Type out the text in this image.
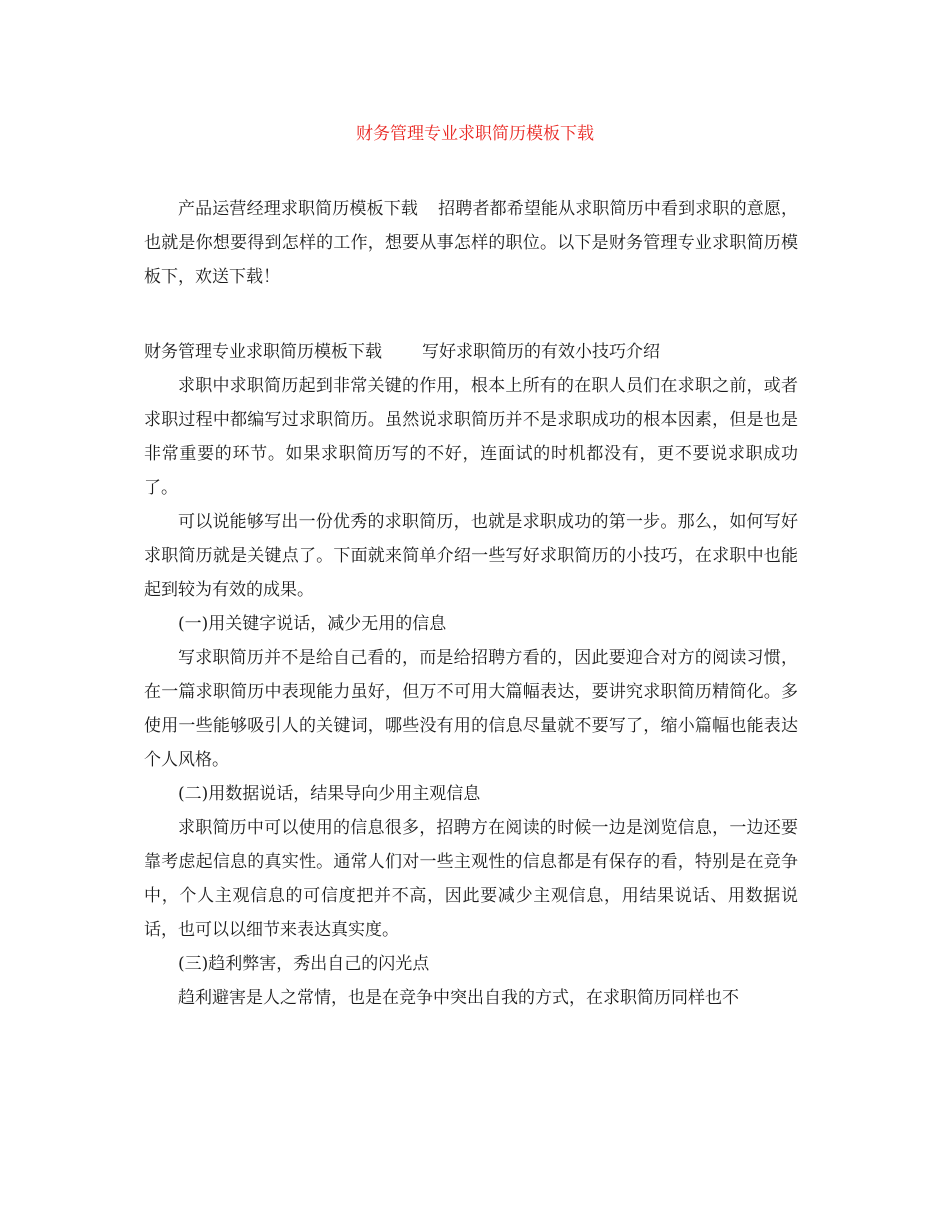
财务管理专业求职简历模板下载

产品运营经理求职简历模板下载 招聘者都希望能从求职简历中看到求职的意愿，也就是你想要得到怎样的工作，想要从事怎样的职位。以下是财务管理专业求职简历模板下，欢送下载！

财务管理专业求职简历模板下载 写好求职简历的有效小技巧介绍

求职中求职简历起到非常关键的作用，根本上所有的在职人员们在求职之前，或者求职过程中都编写过求职简历。虽然说求职简历并不是求职成功的根本因素，但是也是非常重要的环节。如果求职简历写的不好，连面试的时机都没有，更不要说求职成功了。

可以说能够写出一份优秀的求职简历，也就是求职成功的第一步。那么，如何写好求职简历就是关键点了。下面就来简单介绍一些写好求职简历的小技巧，在求职中也能起到较为有效的成果。

(一)用关键字说话，减少无用的信息

写求职简历并不是给自己看的，而是给招聘方看的，因此要迎合对方的阅读习惯，在一篇求职简历中表现能力虽好，但万不可用大篇幅表达，要讲究求职简历精简化。多使用一些能够吸引人的关键词，哪些没有用的信息尽量就不要写了，缩小篇幅也能表达个人风格。

(二)用数据说话，结果导向少用主观信息

求职简历中可以使用的信息很多，招聘方在阅读的时候一边是浏览信息，一边还要靠考虑起信息的真实性。通常人们对一些主观性的信息都是有保存的看，特别是在竞争中，个人主观信息的可信度把并不高，因此要减少主观信息，用结果说话、用数据说话，也可以以细节来表达真实度。

(三)趋利弊害，秀出自己的闪光点

趋利避害是人之常情，也是在竞争中突出自我的方式，在求职简历同样也不
